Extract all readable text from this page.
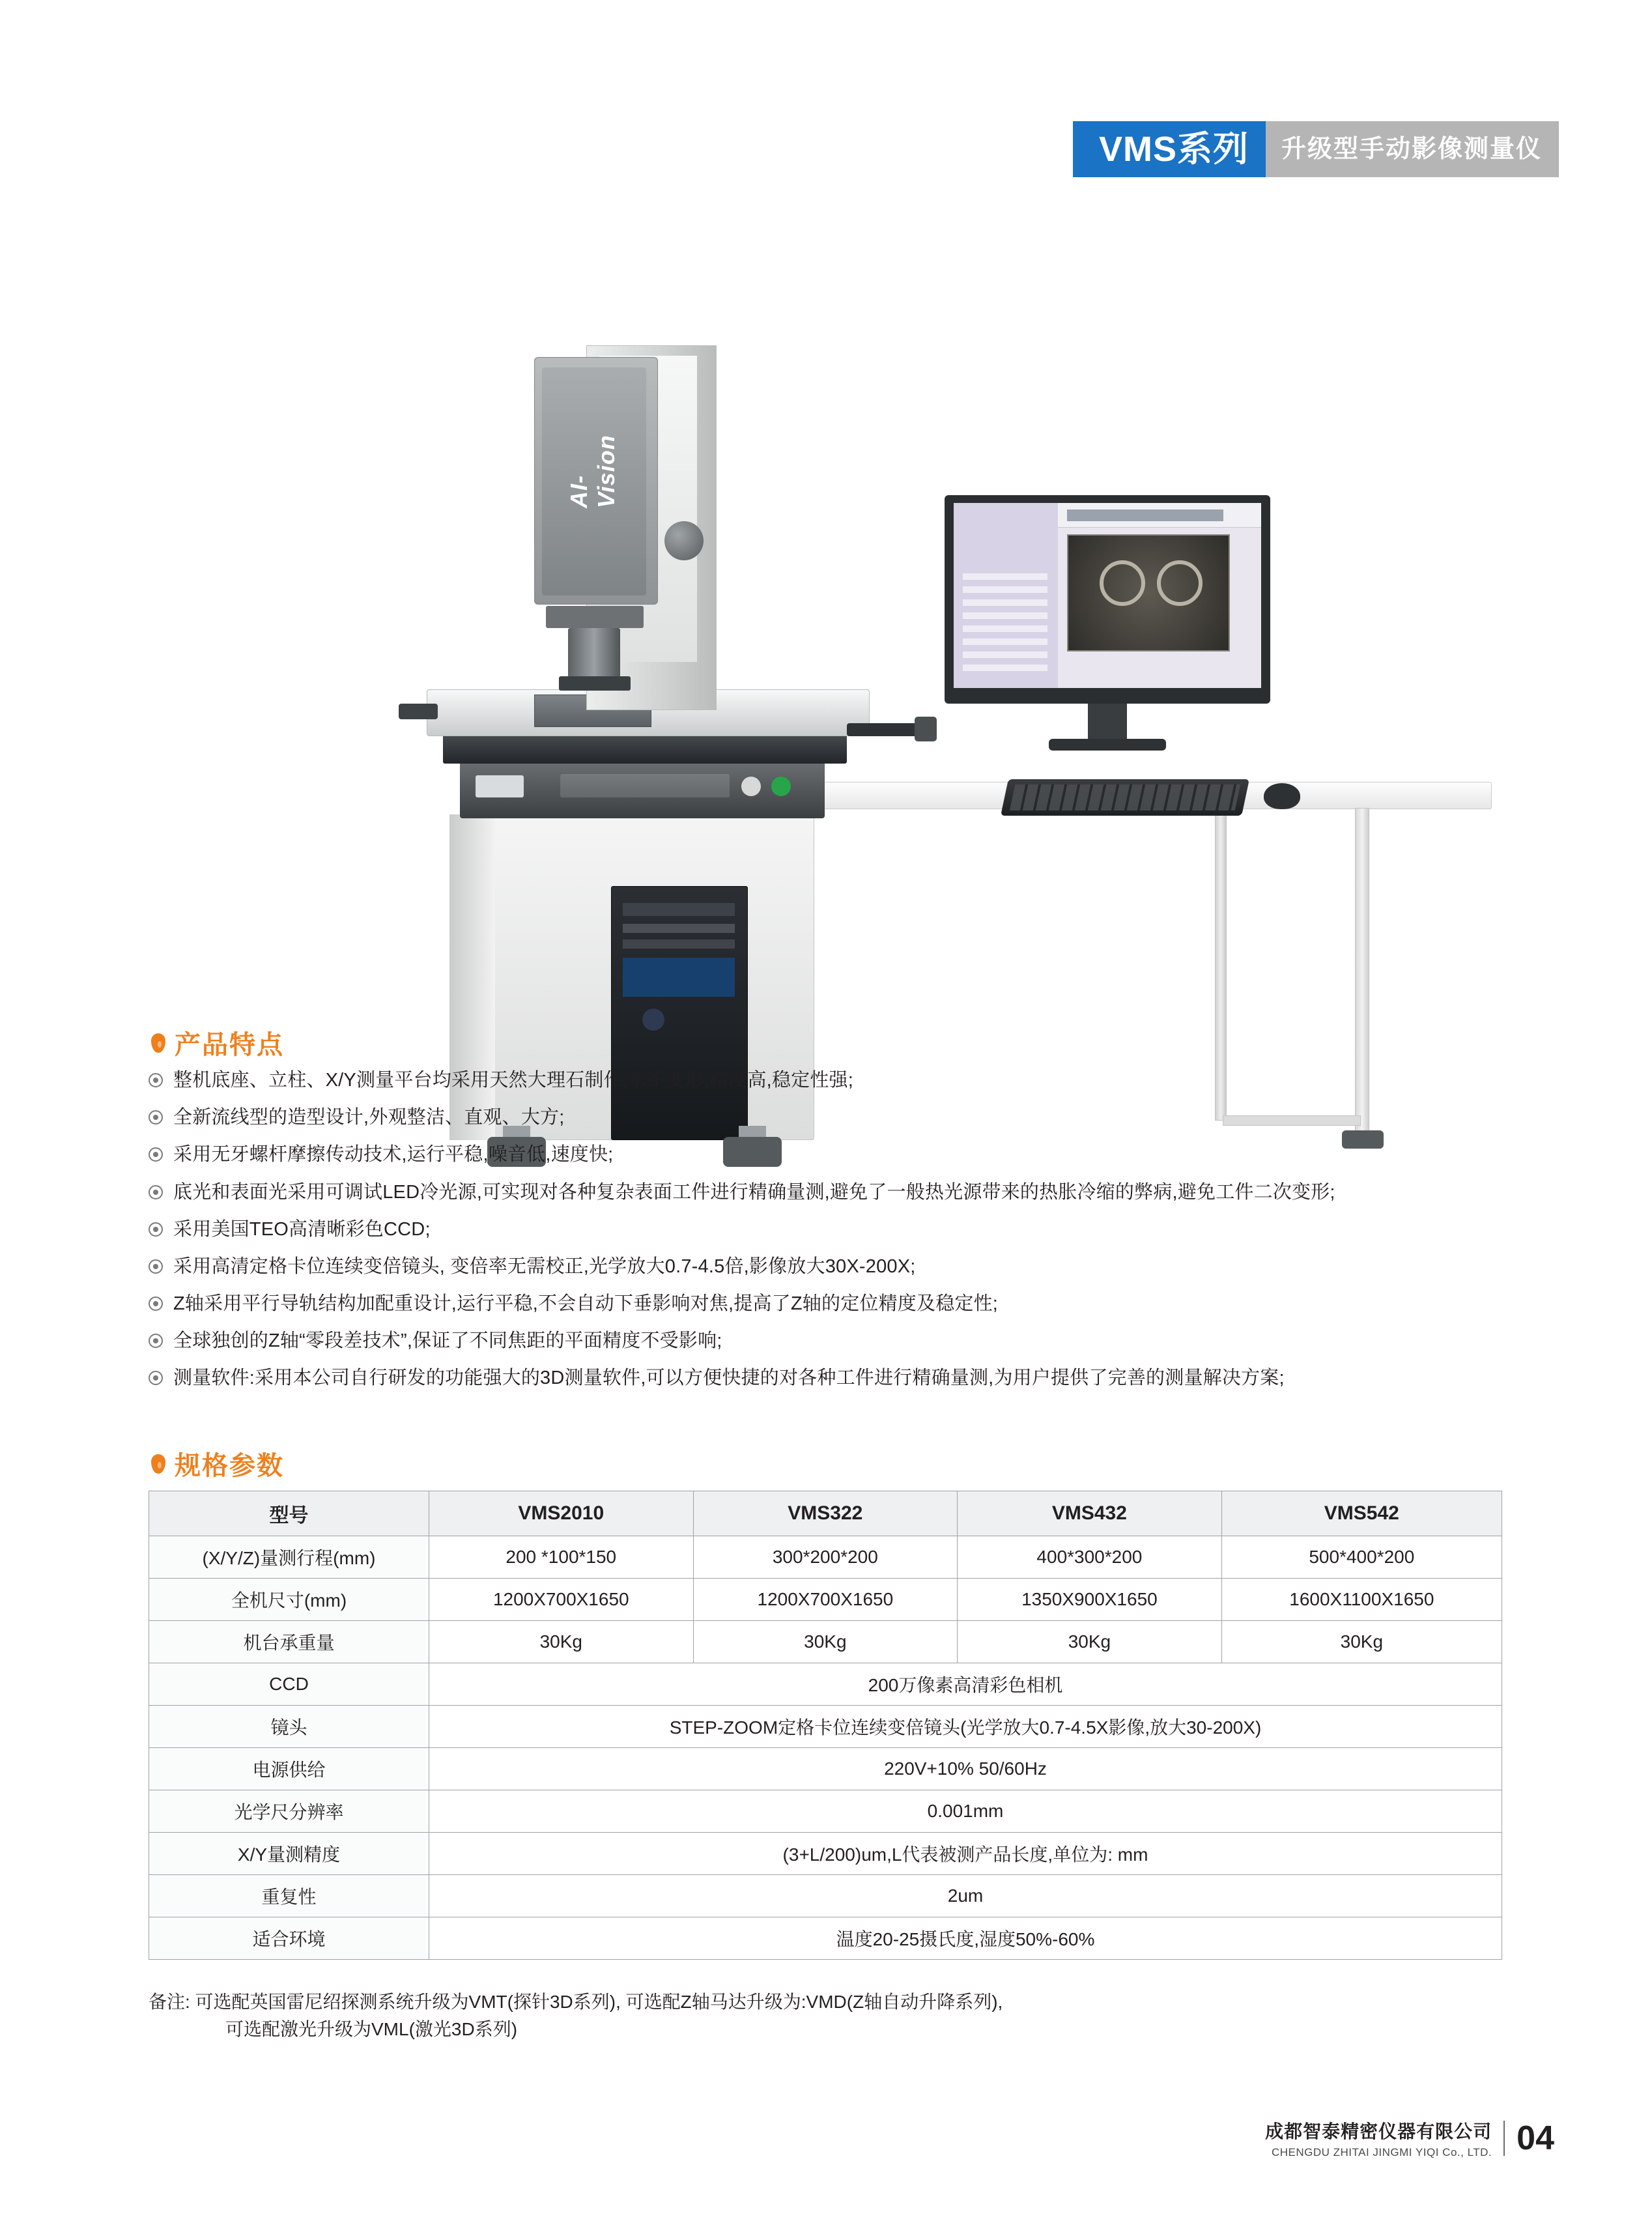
VMS系列 升级型手动影像测量仪
AI-Vision
产品特点
整机底座、立柱、X/Y测量平台均采用天然大理石制作,永不变形,精度高,稳定性强;
全新流线型的造型设计,外观整洁、直观、大方;
采用无牙螺杆摩擦传动技术,运行平稳,噪音低,速度快;
底光和表面光采用可调试LED冷光源,可实现对各种复杂表面工件进行精确量测,避免了一般热光源带来的热胀冷缩的弊病,避免工件二次变形;
采用美国TEO高清晰彩色CCD;
采用高清定格卡位连续变倍镜头, 变倍率无需校正,光学放大0.7-4.5倍,影像放大30X-200X;
Z轴采用平行导轨结构加配重设计,运行平稳,不会自动下垂影响对焦,提高了Z轴的定位精度及稳定性;
全球独创的Z轴“零段差技术”,保证了不同焦距的平面精度不受影响;
测量软件:采用本公司自行研发的功能强大的3D测量软件,可以方便快捷的对各种工件进行精确量测,为用户提供了完善的测量解决方案;
规格参数
型号	VMS2010	VMS322	VMS432	VMS542
(X/Y/Z)量测行程(mm)	200 *100*150	300*200*200	400*300*200	500*400*200
全机尺寸(mm)	1200X700X1650	1200X700X1650	1350X900X1650	1600X1100X1650
机台承重量	30Kg	30Kg	30Kg	30Kg
CCD	200万像素高清彩色相机			
镜头	STEP-ZOOM定格卡位连续变倍镜头(光学放大0.7-4.5X影像,放大30-200X)			
电源供给	220V+10% 50/60Hz			
光学尺分辨率	0.001mm			
X/Y量测精度	(3+L/200)um,L代表被测产品长度,单位为: mm			
重复性	2um			
适合环境	温度20-25摄氏度,湿度50%-60%			
备注: 可选配英国雷尼绍探测系统升级为VMT(探针3D系列), 可选配Z轴马达升级为:VMD(Z轴自动升降系列),
可选配激光升级为VML(激光3D系列)
成都智泰精密仪器有限公司
CHENGDU ZHITAI JINGMI YIQI Co., LTD. 04
